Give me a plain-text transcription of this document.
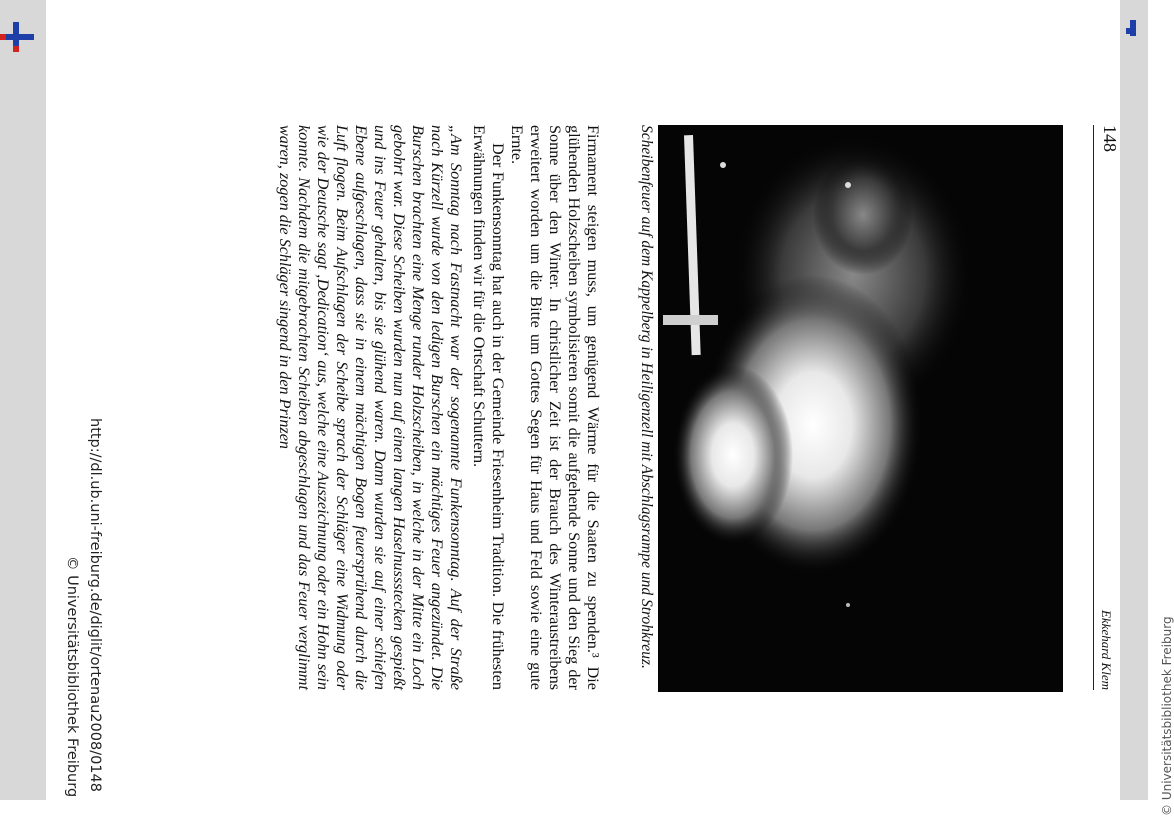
© Universitätsbibliothek Freiburg
148
Ekkehard Klem
Scheibenfeuer auf dem Kappelberg in Heiligenzell mit Abschlagsrampe und Strohkreuz.

Firmament steigen muss, um genügend Wärme für die Saaten zu spenden.³ Die glühenden Holzscheiben symbolisieren somit die aufgehende Sonne und den Sieg der Sonne über den Winter. In christlicher Zeit ist der Brauch des Winteraustreibens erweitert worden um die Bitte um Gottes Segen für Haus und Feld sowie eine gute Ernte.

Der Funkensonntag hat auch in der Gemeinde Friesenheim Tradition. Die frühesten Erwähnungen finden wir für die Ortschaft Schuttern.

„Am Sonntag nach Fastnacht war der sogenannte Funkensonntag. Auf der Straße nach Kürzell wurde von den ledigen Burschen ein mächtiges Feuer angezündet. Die Burschen brachten eine Menge runder Holzscheiben, in welche in der Mitte ein Loch gebohrt war. Diese Scheiben wurden nun auf einen langen Haselnussstecken gespießt und ins Feuer gehalten, bis sie glühend waren. Dann wurden sie auf einer schiefen Ebene aufgeschlagen, dass sie in einem mächtigen Bogen feuersprühend durch die Luft flogen. Beim Aufschlagen der Scheibe sprach der Schläger eine Widmung oder wie der Deutsche sagt ‚Dedication‘ aus, welche eine Auszeichnung oder ein Hohn sein konnte. Nachdem die mitgebrachten Scheiben abgeschlagen und das Feuer verglimmt waren, zogen die Schläger singend in den Prinzen

http://dl.ub.uni-freiburg.de/diglit/ortenau2008/0148
© Universitätsbibliothek Freiburg
